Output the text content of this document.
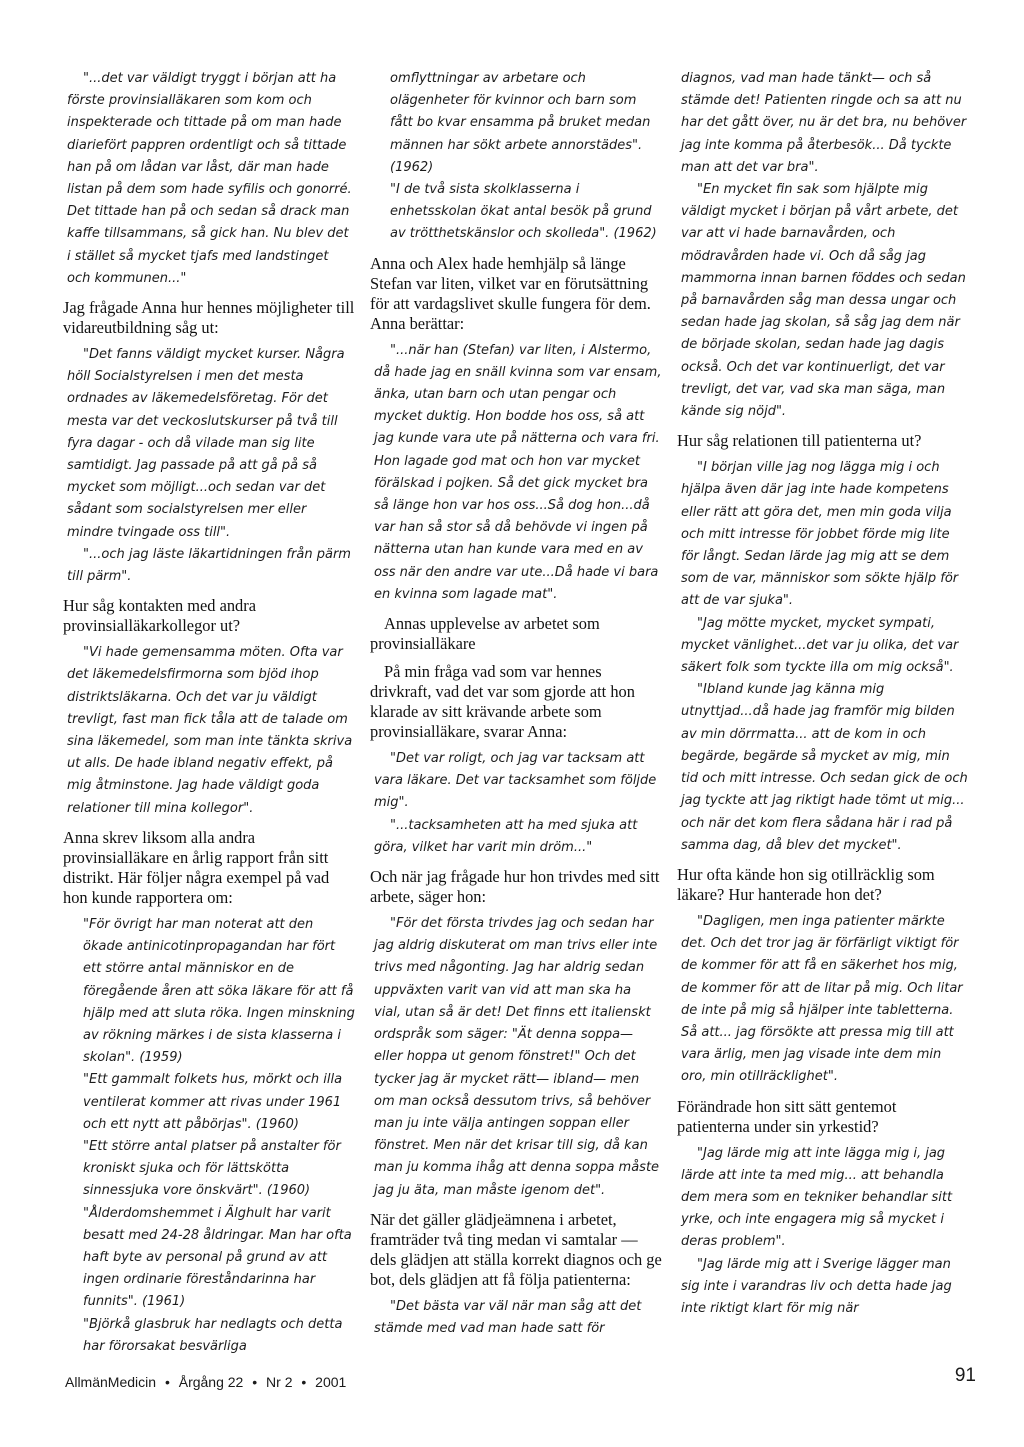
"...det var väldigt tryggt i början att ha förste provinsialläkaren som kom och inspekterade och tittade på om man hade diariefört pappren ordentligt och så tittade han på om lådan var låst, där man hade listan på dem som hade syfilis och gonorré. Det tittade han på och sedan så drack man kaffe tillsammans, så gick han. Nu blev det i stället så mycket tjafs med landstinget och kommunen..."

Jag frågade Anna hur hennes möjligheter till vidareutbildning såg ut:

"Det fanns väldigt mycket kurser. Några höll Socialstyrelsen i men det mesta ordnades av läkemedelsföretag. För det mesta var det veckoslutskurser på två till fyra dagar - och då vilade man sig lite samtidigt. Jag passade på att gå på så mycket som möjligt...och sedan var det sådant som socialstyrelsen mer eller mindre tvingade oss till".

"...och jag läste läkartidningen från pärm till pärm".

Hur såg kontakten med andra provinsialläkarkollegor ut?

"Vi hade gemensamma möten. Ofta var det läkemedelsfirmorna som bjöd ihop distriktsläkarna. Och det var ju väldigt trevligt, fast man fick tåla att de talade om sina läkemedel, som man inte tänkta skriva ut alls. De hade ibland negativ effekt, på mig åtminstone. Jag hade väldigt goda relationer till mina kollegor".

Anna skrev liksom alla andra provinsialläkare en årlig rapport från sitt distrikt. Här följer några exempel på vad hon kunde rapportera om:

"För övrigt har man noterat att den ökade antinicotinpropagandan har fört ett större antal människor en de föregående åren att söka läkare för att få hjälp med att sluta röka. Ingen minskning av rökning märkes i de sista klasserna i skolan". (1959)

"Ett gammalt folkets hus, mörkt och illa ventilerat kommer att rivas under 1961 och ett nytt att påbörjas". (1960)

"Ett större antal platser på anstalter för kroniskt sjuka och för lättskötta sinnessjuka vore önskvärt". (1960)

"Ålderdomshemmet i Älghult har varit besatt med 24-28 åldringar. Man har ofta haft byte av personal på grund av att ingen ordinarie föreståndarinna har funnits". (1961)

"Björkå glasbruk har nedlagts och detta har förorsakat besvärliga

omflyttningar av arbetare och olägenheter för kvinnor och barn som fått bo kvar ensamma på bruket medan männen har sökt arbete annorstädes". (1962)

"I de två sista skolklasserna i enhetsskolan ökat antal besök på grund av trötthetskänslor och skolleda". (1962)

Anna och Alex hade hemhjälp så länge Stefan var liten, vilket var en förutsättning för att vardagslivet skulle fungera för dem. Anna berättar:

"...när han (Stefan) var liten, i Alstermo, då hade jag en snäll kvinna som var ensam, änka, utan barn och utan pengar och mycket duktig. Hon bodde hos oss, så att jag kunde vara ute på nätterna och vara fri. Hon lagade god mat och hon var mycket förälskad i pojken. Så det gick mycket bra så länge hon var hos oss...Så dog hon...då var han så stor så då behövde vi ingen på nätterna utan han kunde vara med en av oss när den andre var ute...Då hade vi bara en kvinna som lagade mat".

Annas upplevelse av arbetet som provinsialläkare

På min fråga vad som var hennes drivkraft, vad det var som gjorde att hon klarade av sitt krävande arbete som provinsialläkare, svarar Anna:

"Det var roligt, och jag var tacksam att vara läkare. Det var tacksamhet som följde mig".

"...tacksamheten att ha med sjuka att göra, vilket har varit min dröm..."

Och när jag frågade hur hon trivdes med sitt arbete, säger hon:

"För det första trivdes jag och sedan har jag aldrig diskuterat om man trivs eller inte trivs med någonting. Jag har aldrig sedan uppväxten varit van vid att man ska ha vial, utan så är det! Det finns ett italienskt ordspråk som säger: "Ät denna soppa— eller hoppa ut genom fönstret!" Och det tycker jag är mycket rätt— ibland— men om man också dessutom trivs, så behöver man ju inte välja antingen soppan eller fönstret. Men när det krisar till sig, då kan man ju komma ihåg att denna soppa måste jag ju äta, man måste igenom det".

När det gäller glädjeämnena i arbetet, framträder två ting medan vi samtalar — dels glädjen att ställa korrekt diagnos och ge bot, dels glädjen att få följa patienterna:

"Det bästa var väl när man såg att det stämde med vad man hade satt för

diagnos, vad man hade tänkt— och så stämde det! Patienten ringde och sa att nu har det gått över, nu är det bra, nu behöver jag inte komma på återbesök... Då tyckte man att det var bra".

"En mycket fin sak som hjälpte mig väldigt mycket i början på vårt arbete, det var att vi hade barnavården, och mödravården hade vi. Och då såg jag mammorna innan barnen föddes och sedan på barnavården såg man dessa ungar och sedan hade jag skolan, så såg jag dem när de började skolan, sedan hade jag dagis också. Och det var kontinuerligt, det var trevligt, det var, vad ska man säga, man kände sig nöjd".

Hur såg relationen till patienterna ut?

"I början ville jag nog lägga mig i och hjälpa även där jag inte hade kompetens eller rätt att göra det, men min goda vilja och mitt intresse för jobbet förde mig lite för långt. Sedan lärde jag mig att se dem som de var, människor som sökte hjälp för att de var sjuka".

"Jag mötte mycket, mycket sympati, mycket vänlighet...det var ju olika, det var säkert folk som tyckte illa om mig också".

"Ibland kunde jag känna mig utnyttjad...då hade jag framför mig bilden av min dörrmatta... att de kom in och begärde, begärde så mycket av mig, min tid och mitt intresse. Och sedan gick de och jag tyckte att jag riktigt hade tömt ut mig... och när det kom flera sådana här i rad på samma dag, då blev det mycket".

Hur ofta kände hon sig otillräcklig som läkare? Hur hanterade hon det?

"Dagligen, men inga patienter märkte det. Och det tror jag är förfärligt viktigt för de kommer för att få en säkerhet hos mig, de kommer för att de litar på mig. Och litar de inte på mig så hjälper inte tabletterna. Så att... jag försökte att pressa mig till att vara ärlig, men jag visade inte dem min oro, min otillräcklighet".

Förändrade hon sitt sätt gentemot patienterna under sin yrkestid?

"Jag lärde mig att inte lägga mig i, jag lärde att inte ta med mig... att behandla dem mera som en tekniker behandlar sitt yrke, och inte engagera mig så mycket i deras problem".

"Jag lärde mig att i Sverige lägger man sig inte i varandras liv och detta hade jag inte riktigt klart för mig när

AllmänMedicin • Årgång 22 • Nr 2 • 2001	91
